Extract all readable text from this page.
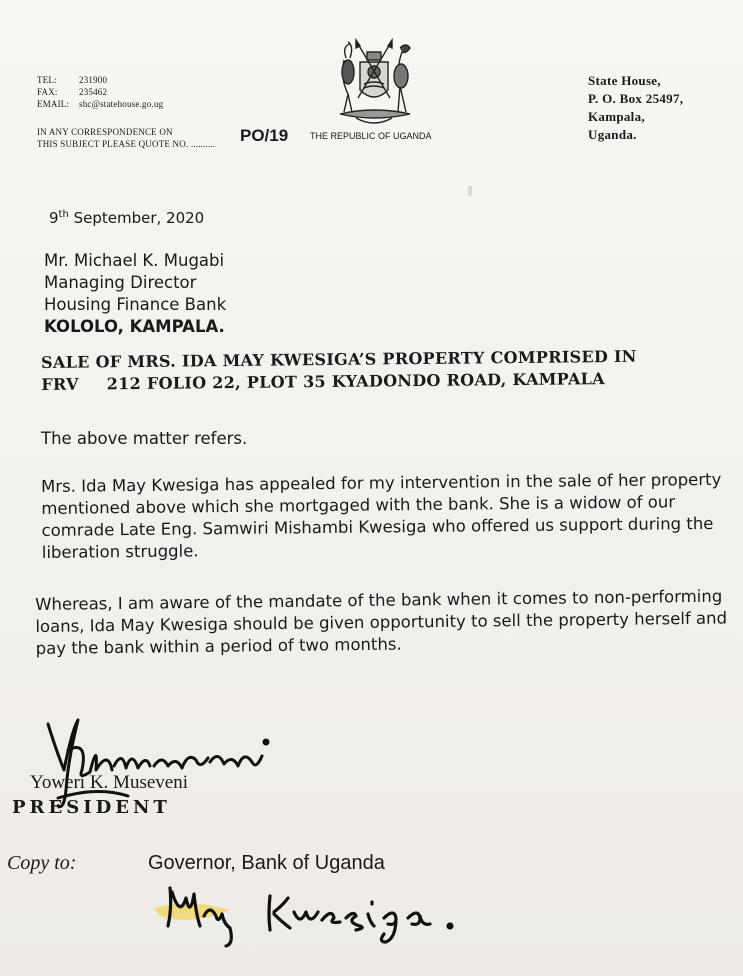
TEL: 231900
FAX: 235462
EMAIL: shc@statehouse.go.ug
IN ANY CORRESPONDENCE ON
THIS SUBJECT PLEASE QUOTE NO. .......... PO/19 THE REPUBLIC OF UGANDA
State House,
P. O. Box 25497,
Kampala,
Uganda.
||
9th September, 2020
Mr. Michael K. Mugabi
Managing Director
Housing Finance Bank
KOLOLO, KAMPALA.
SALE OF MRS. IDA MAY KWESIGA’S PROPERTY COMPRISED IN
FRV 212 FOLIO 22, PLOT 35 KYADONDO ROAD, KAMPALA
The above matter refers.
Mrs. Ida May Kwesiga has appealed for my intervention in the sale of her property mentioned above which she mortgaged with the bank. She is a widow of our comrade Late Eng. Samwiri Mishambi Kwesiga who offered us support during the liberation struggle.
Whereas, I am aware of the mandate of the bank when it comes to non-performing loans, Ida May Kwesiga should be given opportunity to sell the property herself and pay the bank within a period of two months.
Yoweri K. Museveni
PRESIDENT
Copy to:	Governor, Bank of Uganda
